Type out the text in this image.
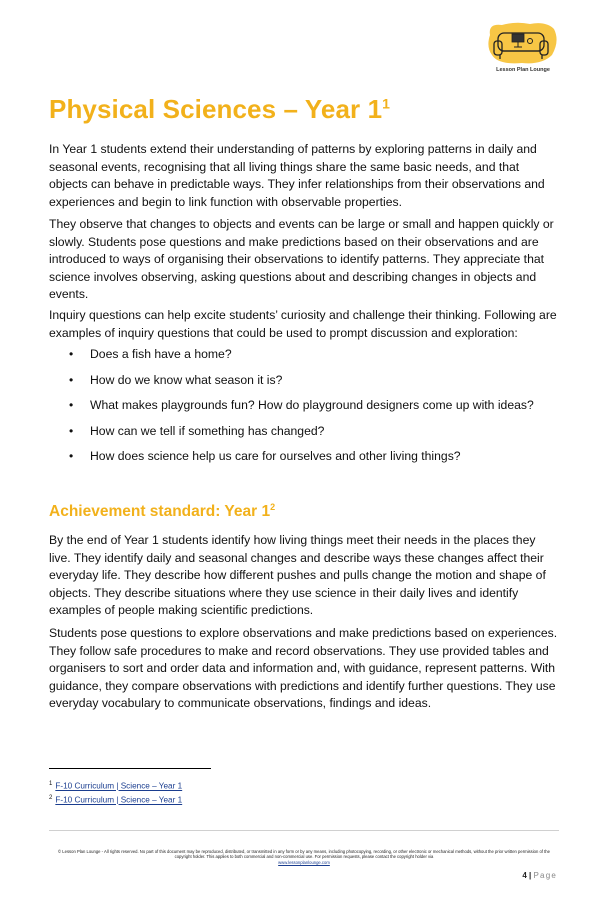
Lesson Plan Lounge
Physical Sciences – Year $1^1$

In Year 1 students extend their understanding of patterns by exploring patterns in daily and seasonal events, recognising that all living things share the same basic needs, and that objects can behave in predictable ways. They infer relationships from their observations and experiences and begin to link function with observable properties.

They observe that changes to objects and events can be large or small and happen quickly or slowly. Students pose questions and make predictions based on their observations and are introduced to ways of organising their observations to identify patterns. They appreciate that science involves observing, asking questions about and describing changes in objects and events.

Inquiry questions can help excite students’ curiosity and challenge their thinking. Following are examples of inquiry questions that could be used to prompt discussion and exploration:

• Does a fish have a home?
• How do we know what season it is?
• What makes playgrounds fun? How do playground designers come up with ideas?
• How can we tell if something has changed?
• How does science help us care for ourselves and other living things?
Achievement standard: Year $1^2$

By the end of Year 1 students identify how living things meet their needs in the places they live. They identify daily and seasonal changes and describe ways these changes affect their everyday life. They describe how different pushes and pulls change the motion and shape of objects. They describe situations where they use science in their daily lives and identify examples of people making scientific predictions.

Students pose questions to explore observations and make predictions based on experiences. They follow safe procedures to make and record observations. They use provided tables and organisers to sort and order data and information and, with guidance, represent patterns. With guidance, they compare observations with predictions and identify further questions. They use everyday vocabulary to communicate observations, findings and ideas.

$^1$ F-10 Curriculum | Science – Year 1
$^2$ F-10 Curriculum | Science – Year 1
© Lesson Plan Lounge - All rights reserved. No part of this document may be reproduced, distributed, or transmitted in any form or by any means, including photocopying, recording, or other electronic or mechanical methods, without the prior written permission of the copyright holder. This applies to both commercial and non-commercial use. For permission requests, please contact the copyright holder via
www.lessonplanlounge.com
4 | Page
